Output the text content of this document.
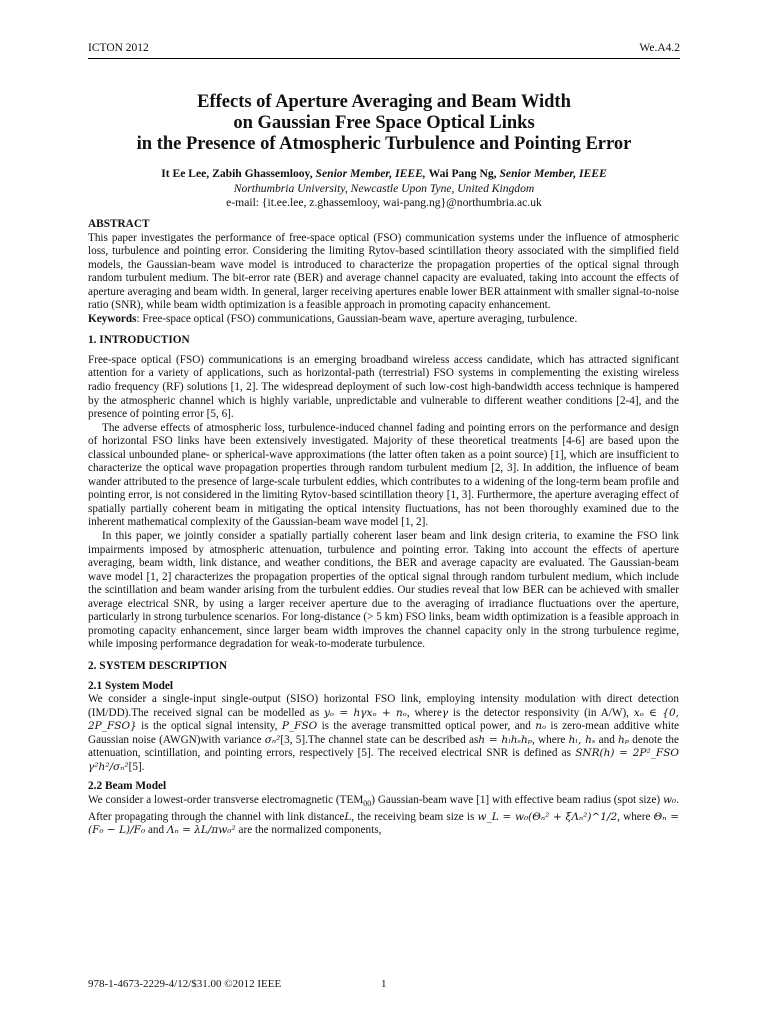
ICTON 2012	We.A4.2
Effects of Aperture Averaging and Beam Width
on Gaussian Free Space Optical Links
in the Presence of Atmospheric Turbulence and Pointing Error
It Ee Lee, Zabih Ghassemlooy, Senior Member, IEEE, Wai Pang Ng, Senior Member, IEEE
Northumbria University, Newcastle Upon Tyne, United Kingdom
e-mail: {it.ee.lee, z.ghassemlooy, wai-pang.ng}@northumbria.ac.uk

ABSTRACT

This paper investigates the performance of free-space optical (FSO) communication systems under the influence of atmospheric loss, turbulence and pointing error. Considering the limiting Rytov-based scintillation theory associated with the simplified field models, the Gaussian-beam wave model is introduced to characterize the propagation properties of the optical signal through random turbulent medium. The bit-error rate (BER) and average channel capacity are evaluated, taking into account the effects of aperture averaging and beam width. In general, larger receiving apertures enable lower BER attainment with smaller signal-to-noise ratio (SNR), while beam width optimization is a feasible approach in promoting capacity enhancement.

Keywords: Free-space optical (FSO) communications, Gaussian-beam wave, aperture averaging, turbulence.

1. INTRODUCTION

Free-space optical (FSO) communications is an emerging broadband wireless access candidate, which has attracted significant attention for a variety of applications, such as horizontal-path (terrestrial) FSO systems in complementing the existing wireless radio frequency (RF) solutions [1, 2]. The widespread deployment of such low-cost high-bandwidth access technique is hampered by the atmospheric channel which is highly variable, unpredictable and vulnerable to different weather conditions [2-4], and the presence of pointing error [5, 6].

The adverse effects of atmospheric loss, turbulence-induced channel fading and pointing errors on the performance and design of horizontal FSO links have been extensively investigated. Majority of these theoretical treatments [4-6] are based upon the classical unbounded plane- or spherical-wave approximations (the latter often taken as a point source) [1], which are insufficient to characterize the optical wave propagation properties through random turbulent medium [2, 3]. In addition, the influence of beam wander attributed to the presence of large-scale turbulent eddies, which contributes to a widening of the long-term beam profile and pointing error, is not considered in the limiting Rytov-based scintillation theory [1, 3]. Furthermore, the aperture averaging effect of spatially partially coherent beam in mitigating the optical intensity fluctuations, has not been thoroughly examined due to the inherent mathematical complexity of the Gaussian-beam wave model [1, 2].

In this paper, we jointly consider a spatially partially coherent laser beam and link design criteria, to examine the FSO link impairments imposed by atmospheric attenuation, turbulence and pointing error. Taking into account the effects of aperture averaging, beam width, link distance, and weather conditions, the BER and average capacity are evaluated. The Gaussian-beam wave model [1, 2] characterizes the propagation properties of the optical signal through random turbulent medium, which include the scintillation and beam wander arising from the turbulent eddies. Our studies reveal that low BER can be achieved with smaller average electrical SNR, by using a larger receiver aperture due to the averaging of irradiance fluctuations over the aperture, particularly in strong turbulence scenarios. For long-distance (> 5 km) FSO links, beam width optimization is a feasible approach in promoting capacity enhancement, since larger beam width improves the channel capacity only in the strong turbulence regime, while imposing performance degradation for weak-to-moderate turbulence.

2. SYSTEM DESCRIPTION

2.1 System Model

We consider a single-input single-output (SISO) horizontal FSO link, employing intensity modulation with direct detection (IM/DD).The received signal can be modelled as yₒ = hγxₒ + nₒ, whereγ is the detector responsivity (in A/W), xₒ ∈ {0, 2P_FSO} is the optical signal intensity, P_FSO is the average transmitted optical power, and nₒ is zero-mean additive white Gaussian noise (AWGN)with variance σₙ²[3, 5].The channel state can be described ash = hₗhₛhₚ, where hₗ, hₛ and hₚ denote the attenuation, scintillation, and pointing errors, respectively [5]. The received electrical SNR is defined as SNR(h) = 2P²_FSO γ²h²/σₙ²[5].

2.2 Beam Model

We consider a lowest-order transverse electromagnetic $(TEM_{00})$ Gaussian-beam wave [1] with effective beam radius (spot size) w₀. After propagating through the channel with link distanceL, the receiving beam size is w_L = w₀(Θₙ² + ξΛₙ²)^1/2, where Θₙ = (F₀ − L)/F₀ and Λₙ = λL/πw₀² are the normalized components,

978-1-4673-2229-4/12/$31.00 ©2012 IEEE	1
